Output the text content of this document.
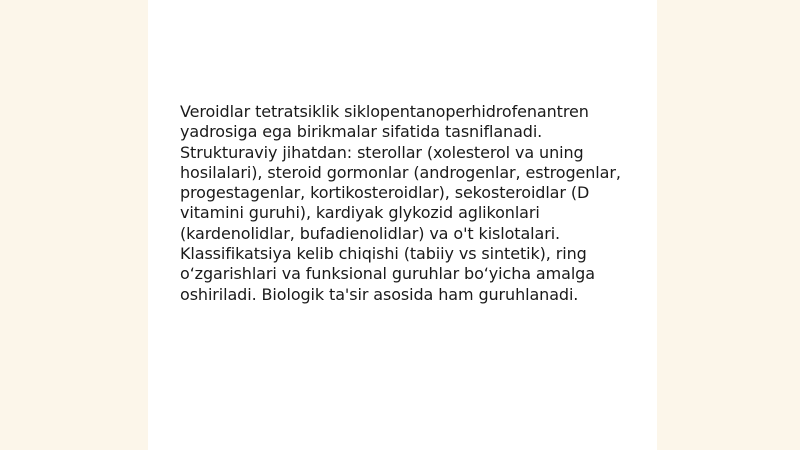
Veroidlar tetratsiklik siklopentanoperhidrofenantren yadrosiga ega birikmalar sifatida tasniflanadi. Strukturaviy jihatdan: sterollar (xolesterol va uning hosilalari), steroid gormonlar (androgenlar, estrogenlar, progestagenlar, kortikosteroidlar), sekosteroidlar (D vitamini guruhi), kardiyak glykozid aglikonlari (kardenolidlar, bufadienolidlar) va o't kislotalari. Klassifikatsiya kelib chiqishi (tabiiy vs sintetik), ring o‘zgarishlari va funksional guruhlar bo‘yicha amalga oshiriladi. Biologik ta'sir asosida ham guruhlanadi.
